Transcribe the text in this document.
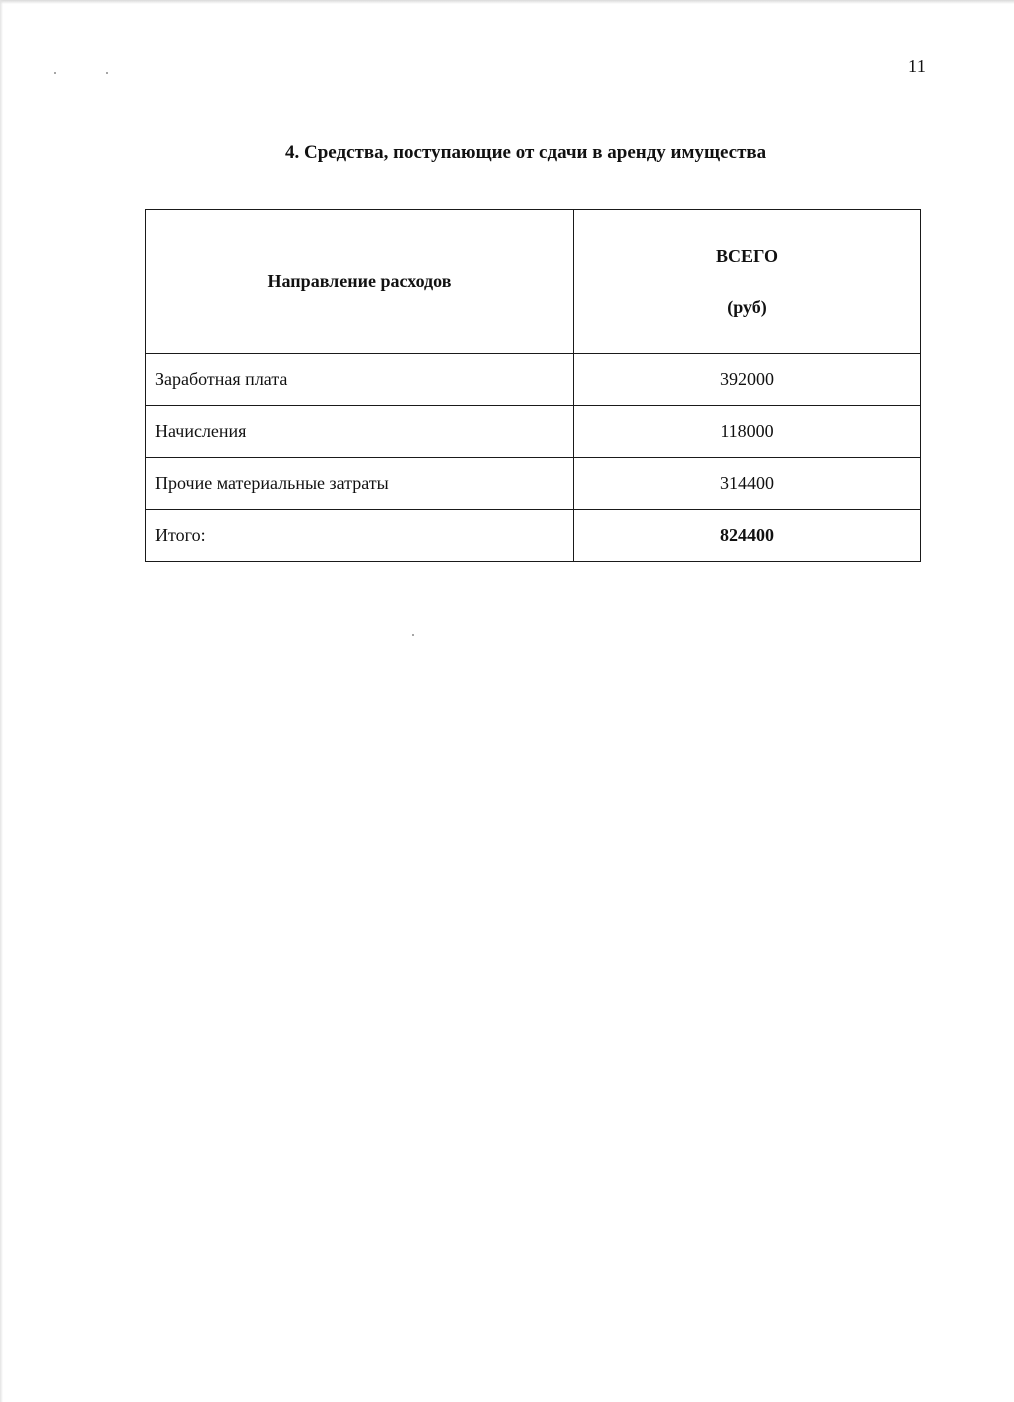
11
4. Средства, поступающие от сдачи в аренду имущества
Направление расходов	ВСЕГО
(руб)
Заработная плата	392000
Начисления	118000
Прочие материальные затраты	314400
Итого:	824400
